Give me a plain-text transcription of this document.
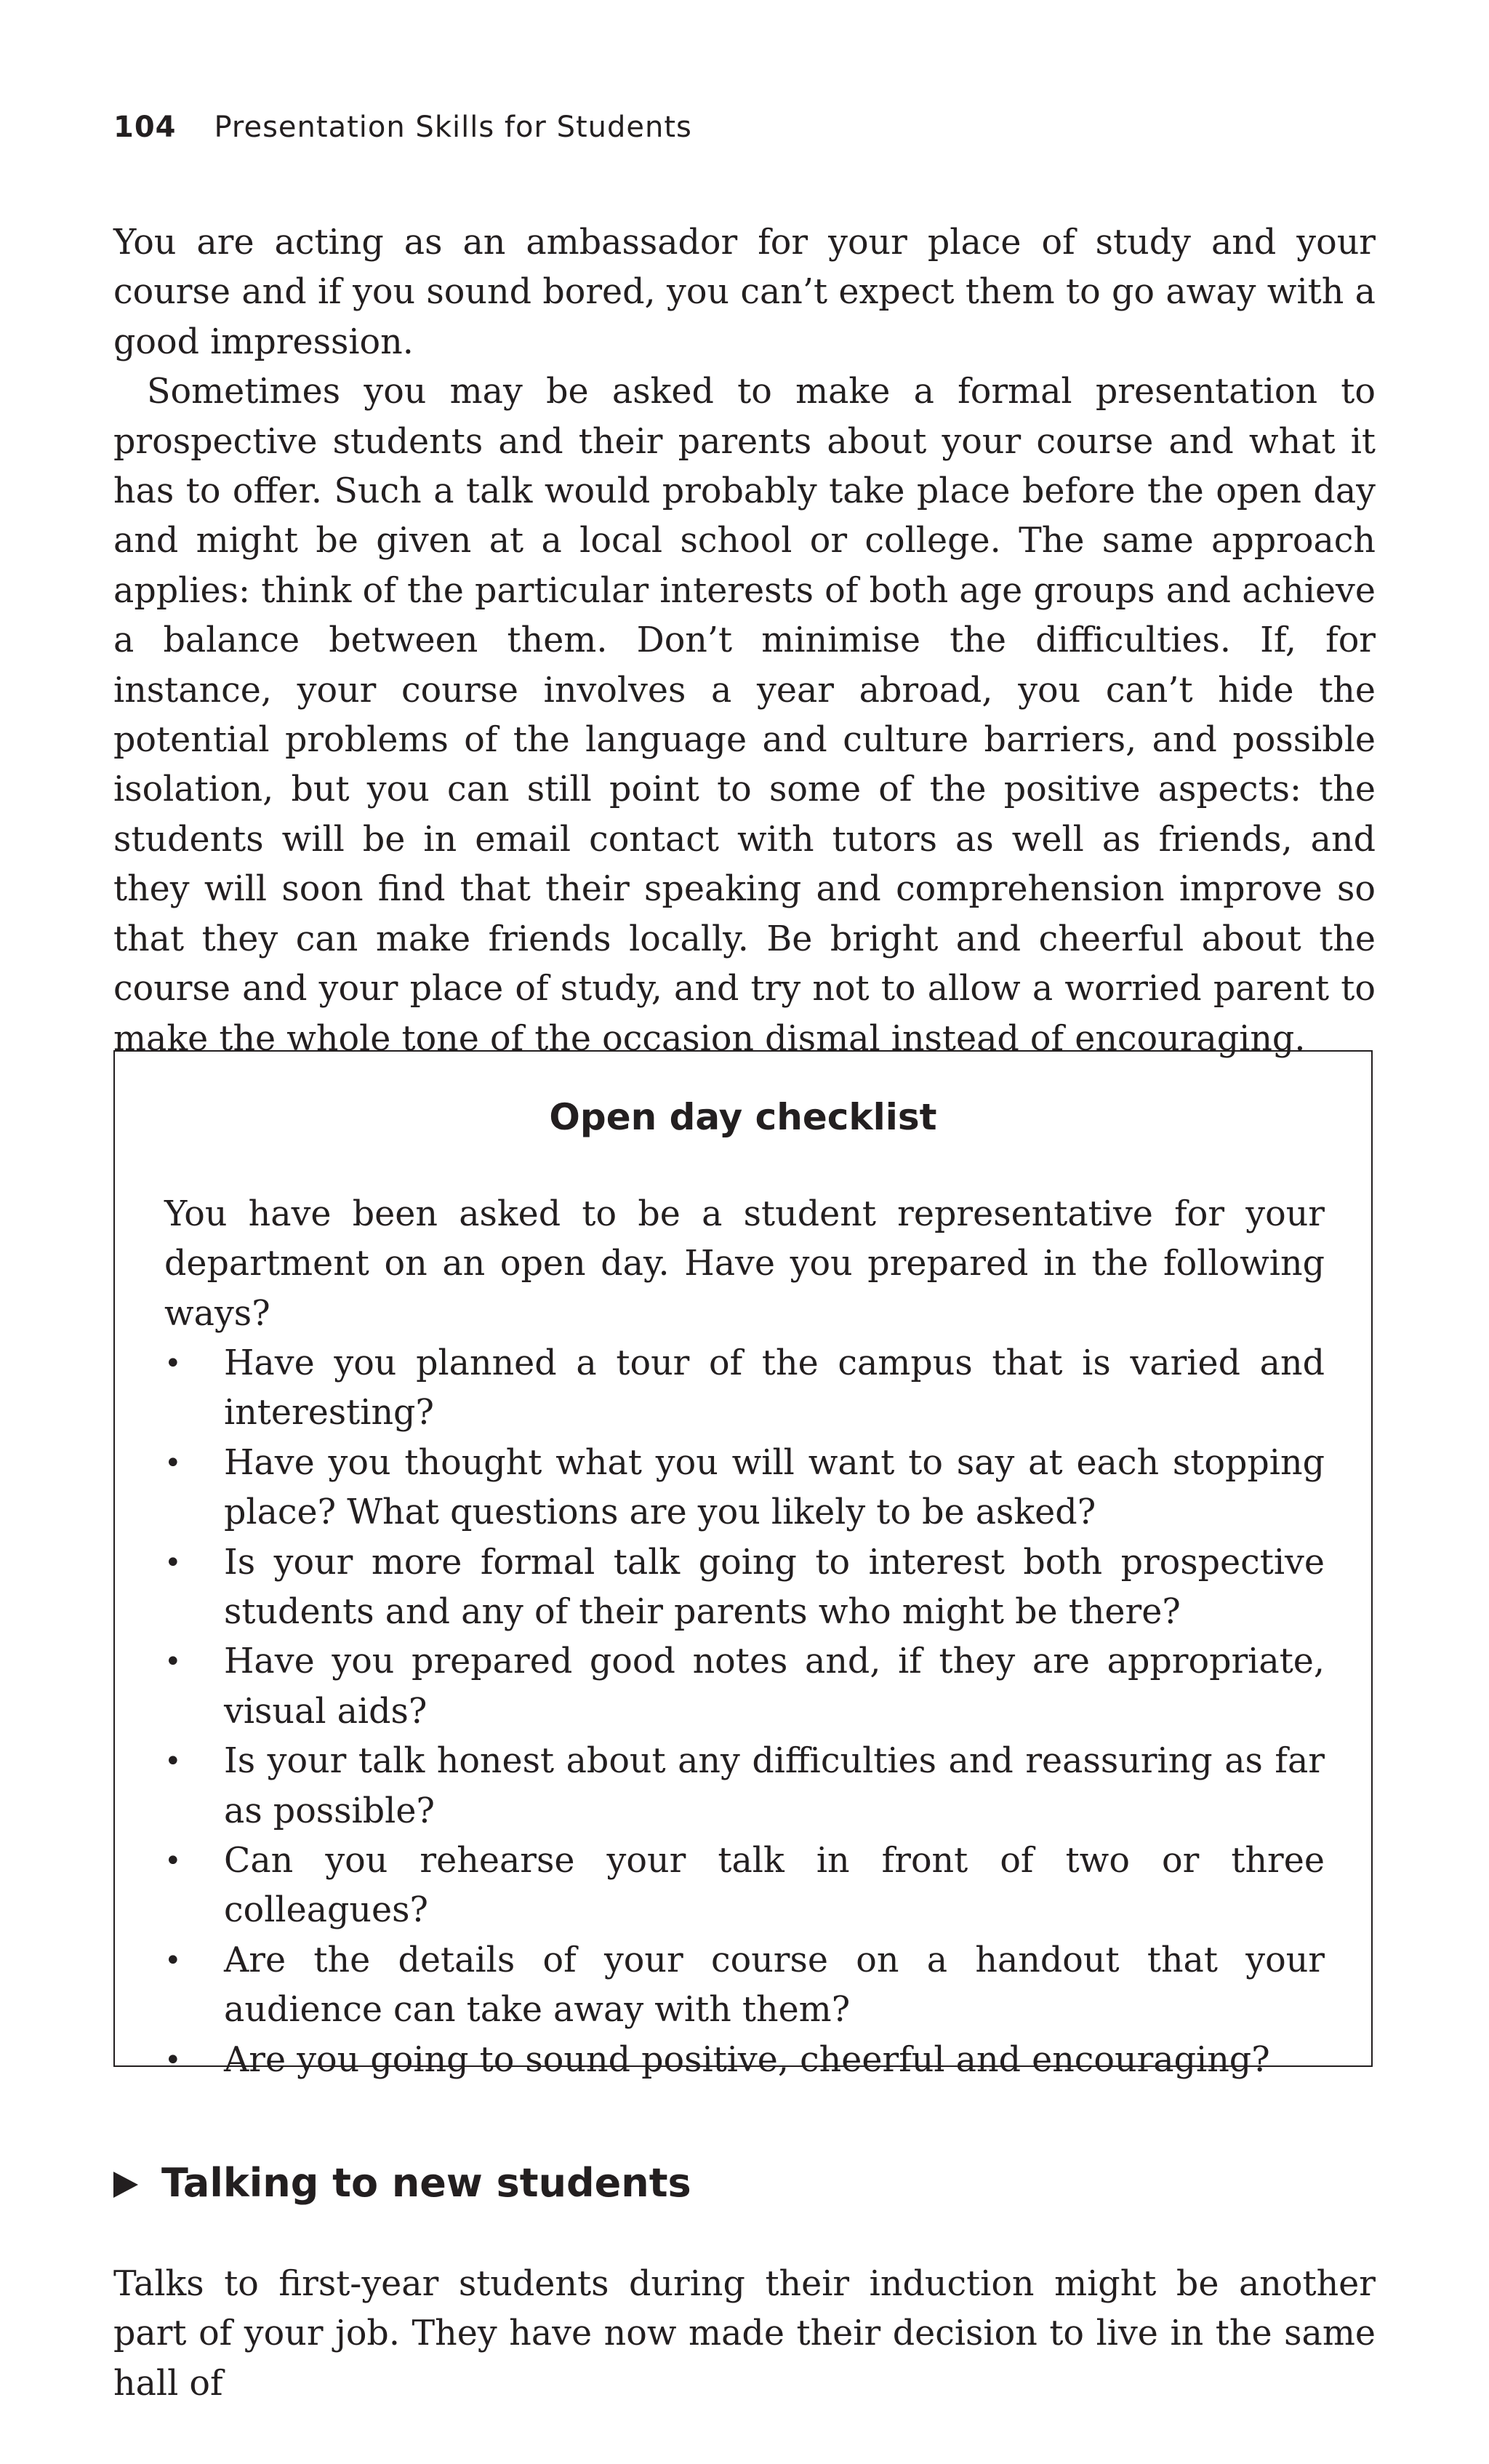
104 Presentation Skills for Students

You are acting as an ambassador for your place of study and your course and if you sound bored, you can’t expect them to go away with a good impression.

Sometimes you may be asked to make a formal presentation to prospective students and their parents about your course and what it has to offer. Such a talk would probably take place before the open day and might be given at a local school or college. The same approach applies: think of the particular interests of both age groups and achieve a balance between them. Don’t minimise the difficulties. If, for instance, your course involves a year abroad, you can’t hide the potential problems of the language and culture barriers, and possible isolation, but you can still point to some of the positive aspects: the students will be in email contact with tutors as well as friends, and they will soon find that their speaking and comprehension improve so that they can make friends locally. Be bright and cheerful about the course and your place of study, and try not to allow a worried parent to make the whole tone of the occasion dismal instead of encouraging.

Open day checklist

You have been asked to be a student representative for your department on an open day. Have you prepared in the following ways?

• Have you planned a tour of the campus that is varied and interesting?
• Have you thought what you will want to say at each stopping place? What questions are you likely to be asked?
• Is your more formal talk going to interest both prospective students and any of their parents who might be there?
• Have you prepared good notes and, if they are appropriate, visual aids?
• Is your talk honest about any difficulties and reassuring as far as possible?
• Can you rehearse your talk in front of two or three colleagues?
• Are the details of your course on a handout that your audience can take away with them?
• Are you going to sound positive, cheerful and encouraging?
Talking to new students

Talks to first-year students during their induction might be another part of your job. They have now made their decision to live in the same hall of
